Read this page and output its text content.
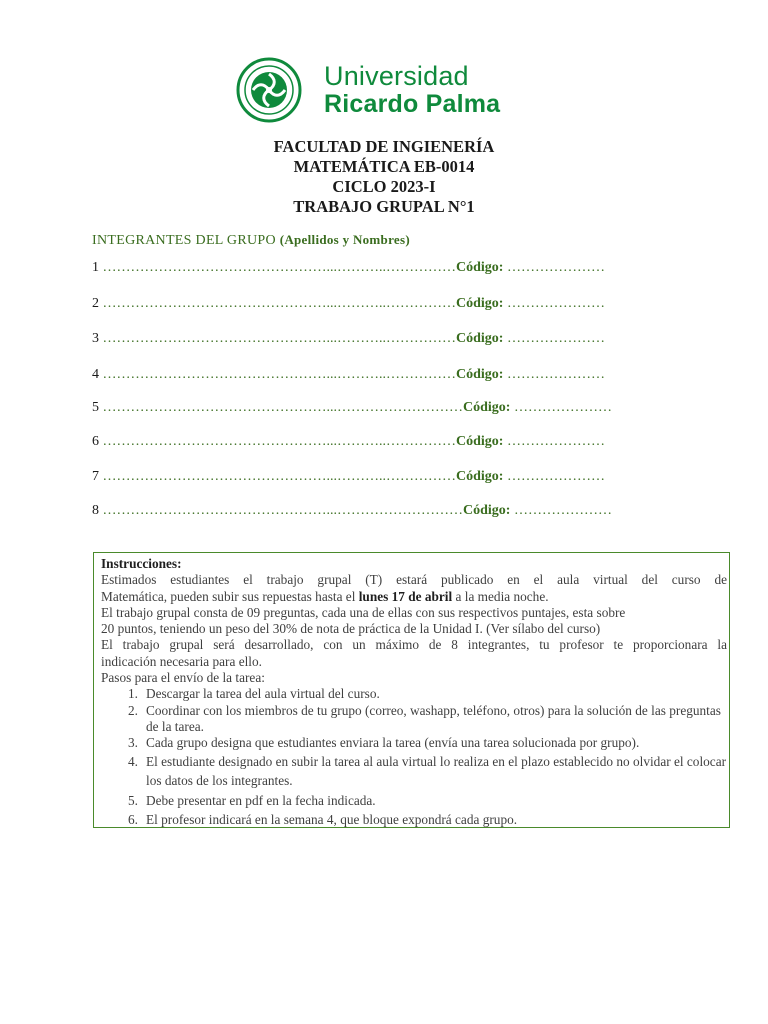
Universidad
Ricardo Palma
FACULTAD DE INGIENERÍA
MATEMÁTICA EB-0014
CICLO 2023-I
TRABAJO GRUPAL N°1
INTEGRANTES DEL GRUPO (Apellidos y Nombres)
1 …………………………………………...………..……………Código: …………………
2 …………………………………………...………..……………Código: …………………
3 …………………………………………...………..……………Código: …………………
4 …………………………………………...………..……………Código: …………………
5 …………………………………………...………………………Código: …………………
6 …………………………………………...………..……………Código: …………………
7 …………………………………………...………..……………Código: …………………
8 …………………………………………...………………………Código: …………………

Instrucciones:

Estimados estudiantes el trabajo grupal (T) estará publicado en el aula virtual del curso de

Matemática, pueden subir sus repuestas hasta el lunes 17 de abril a la media noche.

El trabajo grupal consta de 09 preguntas, cada una de ellas con sus respectivos puntajes, esta sobre

20 puntos, teniendo un peso del 30% de nota de práctica de la Unidad I. (Ver sílabo del curso)

El trabajo grupal será desarrollado, con un máximo de 8 integrantes, tu profesor te proporcionara la

indicación necesaria para ello.

Pasos para el envío de la tarea:

1. Descargar la tarea del aula virtual del curso.
2. Coordinar con los miembros de tu grupo (correo, washapp, teléfono, otros) para la solución de las preguntas de la tarea.
3. Cada grupo designa que estudiantes enviara la tarea (envía una tarea solucionada por grupo).
4. El estudiante designado en subir la tarea al aula virtual lo realiza en el plazo establecido no olvidar el colocar los datos de los integrantes.
5. Debe presentar en pdf en la fecha indicada.
6. El profesor indicará en la semana 4, que bloque expondrá cada grupo.
